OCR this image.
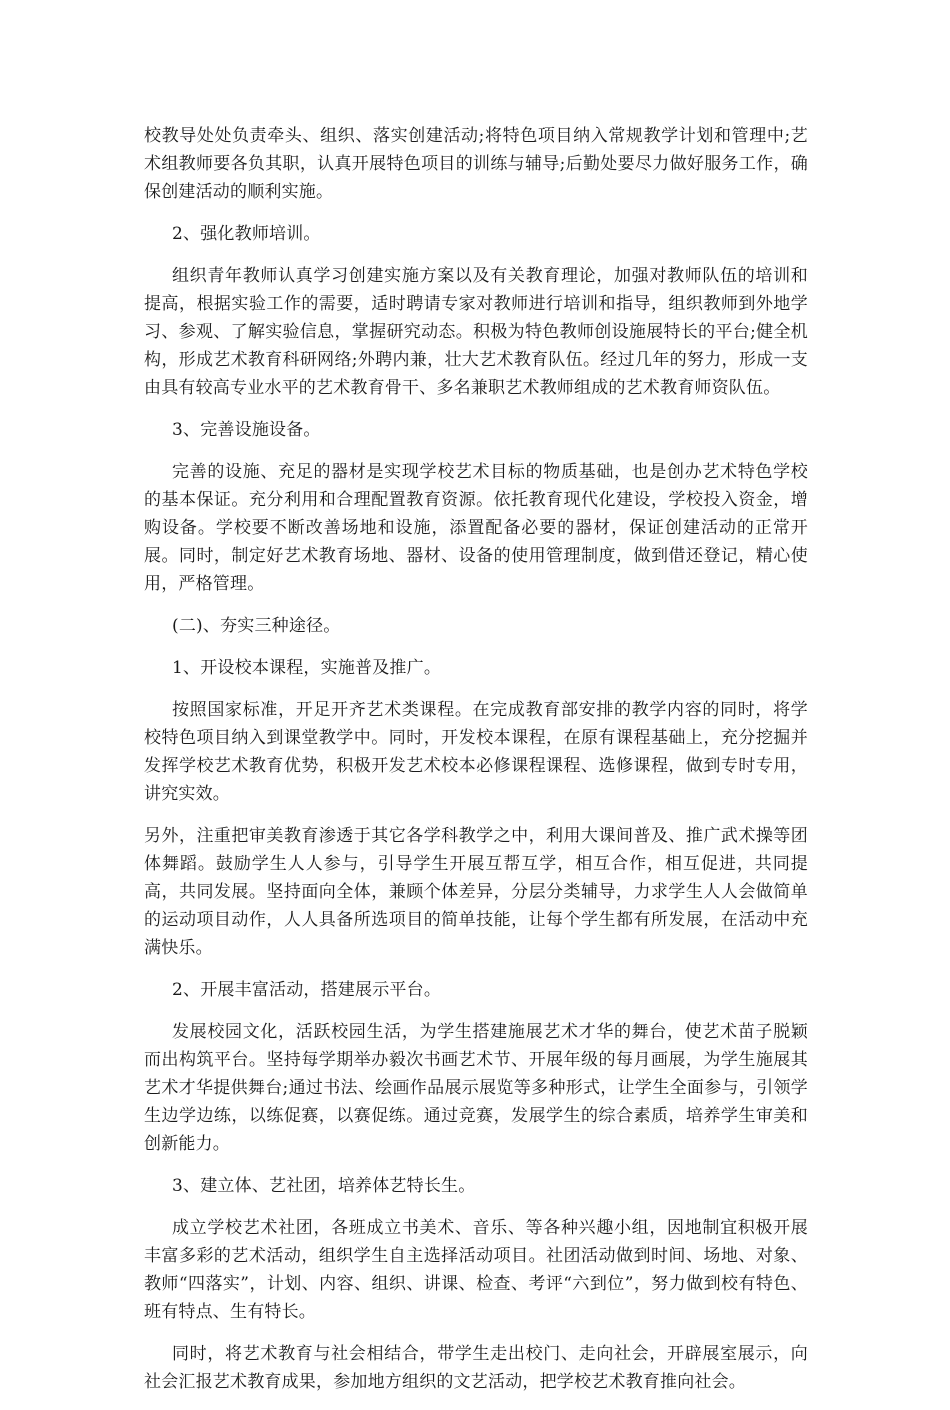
校教导处处负责牵头、组织、落实创建活动;将特色项目纳入常规教学计划和管理中;艺术组教师要各负其职，认真开展特色项目的训练与辅导;后勤处要尽力做好服务工作，确保创建活动的顺利实施。

2、强化教师培训。

组织青年教师认真学习创建实施方案以及有关教育理论，加强对教师队伍的培训和提高，根据实验工作的需要，适时聘请专家对教师进行培训和指导，组织教师到外地学习、参观、了解实验信息，掌握研究动态。积极为特色教师创设施展特长的平台;健全机构，形成艺术教育科研网络;外聘内兼，壮大艺术教育队伍。经过几年的努力，形成一支由具有较高专业水平的艺术教育骨干、多名兼职艺术教师组成的艺术教育师资队伍。

3、完善设施设备。

完善的设施、充足的器材是实现学校艺术目标的物质基础，也是创办艺术特色学校的基本保证。充分利用和合理配置教育资源。依托教育现代化建设，学校投入资金，增购设备。学校要不断改善场地和设施，添置配备必要的器材，保证创建活动的正常开展。同时，制定好艺术教育场地、器材、设备的使用管理制度，做到借还登记，精心使用，严格管理。

(二)、夯实三种途径。

1、开设校本课程，实施普及推广。

按照国家标准，开足开齐艺术类课程。在完成教育部安排的教学内容的同时，将学校特色项目纳入到课堂教学中。同时，开发校本课程，在原有课程基础上，充分挖掘并发挥学校艺术教育优势，积极开发艺术校本必修课程课程、选修课程，做到专时专用，讲究实效。

另外，注重把审美教育渗透于其它各学科教学之中，利用大课间普及、推广武术操等团体舞蹈。鼓励学生人人参与，引导学生开展互帮互学，相互合作，相互促进，共同提高，共同发展。坚持面向全体，兼顾个体差异，分层分类辅导，力求学生人人会做简单的运动项目动作，人人具备所选项目的简单技能，让每个学生都有所发展，在活动中充满快乐。

2、开展丰富活动，搭建展示平台。

发展校园文化，活跃校园生活，为学生搭建施展艺术才华的舞台，使艺术苗子脱颖而出构筑平台。坚持每学期举办毅次书画艺术节、开展年级的每月画展，为学生施展其艺术才华提供舞台;通过书法、绘画作品展示展览等多种形式，让学生全面参与，引领学生边学边练，以练促赛，以赛促练。通过竞赛，发展学生的综合素质，培养学生审美和创新能力。

3、建立体、艺社团，培养体艺特长生。

成立学校艺术社团，各班成立书美术、音乐、等各种兴趣小组，因地制宜积极开展丰富多彩的艺术活动，组织学生自主选择活动项目。社团活动做到时间、场地、对象、教师“四落实”，计划、内容、组织、讲课、检查、考评“六到位”，努力做到校有特色、班有特点、生有特长。

同时，将艺术教育与社会相结合，带学生走出校门、走向社会，开辟展室展示，向社会汇报艺术教育成果，参加地方组织的文艺活动，把学校艺术教育推向社会。
